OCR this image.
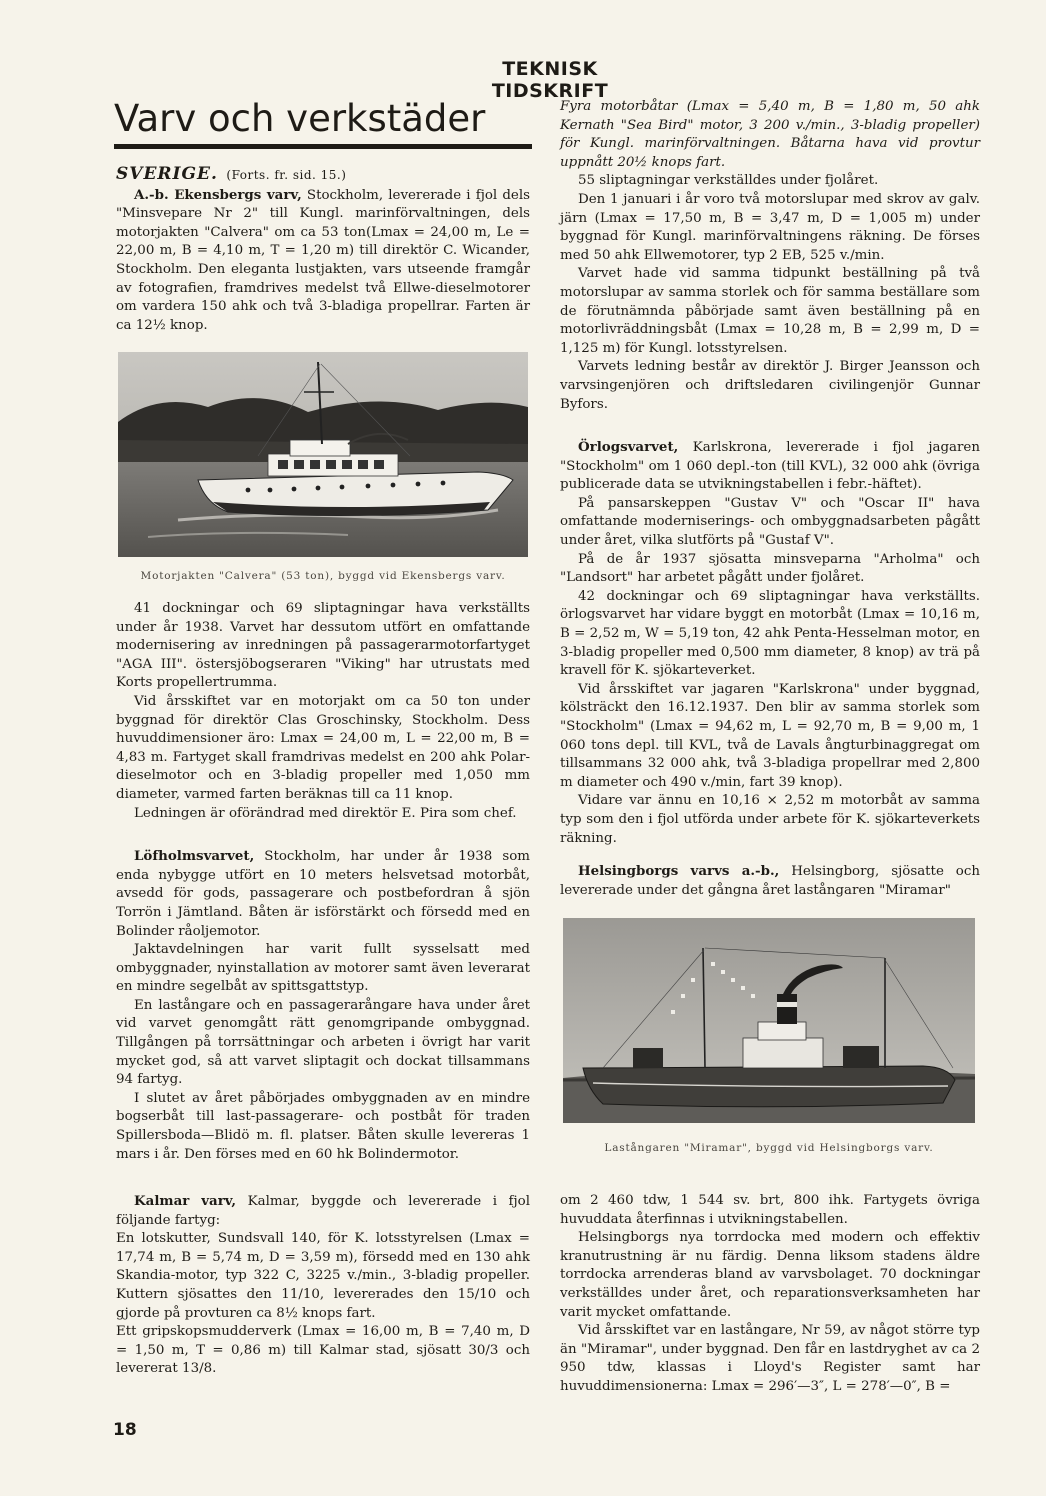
TEKNISK TIDSKRIFT
Varv och verkstäder

SVERIGE. (Forts. fr. sid. 15.)

A.-b. Ekensbergs varv, Stockholm, levererade i fjol dels "Minsvepare Nr 2" till Kungl. marinförvaltningen, dels motorjakten "Calvera" om ca 53 ton(Lmax = 24,00 m, Le = 22,00 m, B = 4,10 m, T = 1,20 m) till direktör C. Wicander, Stockholm. Den eleganta lustjakten, vars utseende framgår av fotografien, framdrives medelst två Ellwe-dieselmotorer om vardera 150 ahk och två 3-bladiga propellrar. Farten är ca 12½ knop.

Motorjakten "Calvera" (53 ton), byggd vid Ekensbergs varv.

41 dockningar och 69 sliptagningar hava verkställts under år 1938. Varvet har dessutom utfört en omfattande modernisering av inredningen på passagerarmotorfartyget "AGA III". östersjöbogseraren "Viking" har utrustats med Korts propellertrumma.

Vid årsskiftet var en motorjakt om ca 50 ton under byggnad för direktör Clas Groschinsky, Stockholm. Dess huvuddimensioner äro: Lmax = 24,00 m, L = 22,00 m, B = 4,83 m. Fartyget skall framdrivas medelst en 200 ahk Polar-dieselmotor och en 3-bladig propeller med 1,050 mm diameter, varmed farten beräknas till ca 11 knop.

Ledningen är oförändrad med direktör E. Pira som chef.

Löfholmsvarvet, Stockholm, har under år 1938 som enda nybygge utfört en 10 meters helsvetsad motorbåt, avsedd för gods, passagerare och postbefordran å sjön Torrön i Jämtland. Båten är isförstärkt och försedd med en Bolinder råoljemotor.

Jaktavdelningen har varit fullt sysselsatt med ombyggnader, nyinstallation av motorer samt även leverarat en mindre segelbåt av spittsgattstyp.

En lastångare och en passagerarångare hava under året vid varvet genomgått rätt genomgripande ombyggnad. Tillgången på torrsättningar och arbeten i övrigt har varit mycket god, så att varvet sliptagit och dockat tillsammans 94 fartyg.

I slutet av året påbörjades ombyggnaden av en mindre bogserbåt till last-passagerare- och postbåt för traden Spillersboda—Blidö m. fl. platser. Båten skulle levereras 1 mars i år. Den förses med en 60 hk Bolindermotor.

Kalmar varv, Kalmar, byggde och levererade i fjol följande fartyg:

En lotskutter, Sundsvall 140, för K. lotsstyrelsen (Lmax = 17,74 m, B = 5,74 m, D = 3,59 m), försedd med en 130 ahk Skandia-motor, typ 322 C, 3225 v./min., 3-bladig propeller. Kuttern sjösattes den 11/10, levererades den 15/10 och gjorde på provturen ca 8½ knops fart.

Ett gripskopsmudderverk (Lmax = 16,00 m, B = 7,40 m, D = 1,50 m, T = 0,86 m) till Kalmar stad, sjösatt 30/3 och levererat 13/8.

Fyra motorbåtar (Lmax = 5,40 m, B = 1,80 m, 50 ahk Kernath "Sea Bird" motor, 3 200 v./min., 3-bladig propeller) för Kungl. marinförvaltningen. Båtarna hava vid provtur uppnått 20½ knops fart.

55 sliptagningar verkställdes under fjolåret.

Den 1 januari i år voro två motorslupar med skrov av galv. järn (Lmax = 17,50 m, B = 3,47 m, D = 1,005 m) under byggnad för Kungl. marinförvaltningens räkning. De förses med 50 ahk Ellwemotorer, typ 2 EB, 525 v./min.

Varvet hade vid samma tidpunkt beställning på två motorslupar av samma storlek och för samma beställare som de förutnämnda påbörjade samt även beställning på en motorlivräddningsbåt (Lmax = 10,28 m, B = 2,99 m, D = 1,125 m) för Kungl. lotsstyrelsen.

Varvets ledning består av direktör J. Birger Jeansson och varvsingenjören och driftsledaren civilingenjör Gunnar Byfors.

Örlogsvarvet, Karlskrona, levererade i fjol jagaren "Stockholm" om 1 060 depl.-ton (till KVL), 32 000 ahk (övriga publicerade data se utvikningstabellen i febr.-häftet).

På pansarskeppen "Gustav V" och "Oscar II" hava omfattande moderniserings- och ombyggnadsarbeten pågått under året, vilka slutförts på "Gustaf V".

På de år 1937 sjösatta minsveparna "Arholma" och "Landsort" har arbetet pågått under fjolåret.

42 dockningar och 69 sliptagningar hava verkställts. örlogsvarvet har vidare byggt en motorbåt (Lmax = 10,16 m, B = 2,52 m, W = 5,19 ton, 42 ahk Penta-Hesselman motor, en 3-bladig propeller med 0,500 mm diameter, 8 knop) av trä på kravell för K. sjökarteverket.

Vid årsskiftet var jagaren "Karlskrona" under byggnad, kölsträckt den 16.12.1937. Den blir av samma storlek som "Stockholm" (Lmax = 94,62 m, L = 92,70 m, B = 9,00 m, 1 060 tons depl. till KVL, två de Lavals ångturbinaggregat om tillsammans 32 000 ahk, två 3-bladiga propellrar med 2,800 m diameter och 490 v./min, fart 39 knop).

Vidare var ännu en 10,16 × 2,52 m motorbåt av samma typ som den i fjol utförda under arbete för K. sjökarteverkets räkning.

Helsingborgs varvs a.-b., Helsingborg, sjösatte och levererade under det gångna året lastångaren "Miramar"

Lastångaren "Miramar", byggd vid Helsingborgs varv.

om 2 460 tdw, 1 544 sv. brt, 800 ihk. Fartygets övriga huvuddata återfinnas i utvikningstabellen.

Helsingborgs nya torrdocka med modern och effektiv kranutrustning är nu färdig. Denna liksom stadens äldre torrdocka arrenderas bland av varvsbolaget. 70 dockningar verkställdes under året, och reparationsverksamheten har varit mycket omfattande.

Vid årsskiftet var en lastångare, Nr 59, av något större typ än "Miramar", under byggnad. Den får en lastdryghet av ca 2 950 tdw, klassas i Lloyd's Register samt har huvuddimensionerna: Lmax = 296′—3″, L = 278′—0″, B =

18
